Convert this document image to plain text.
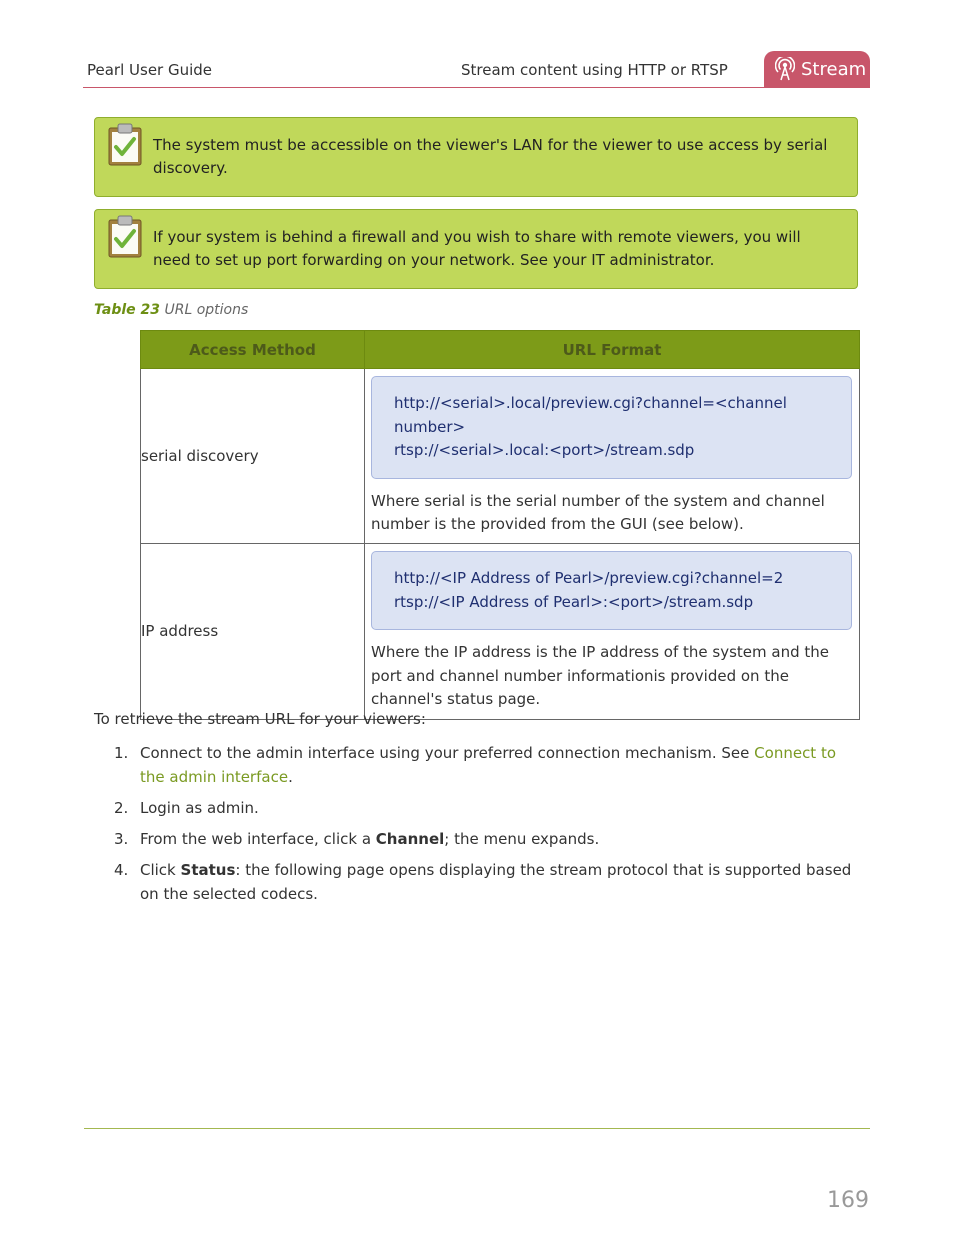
Pearl User Guide	Stream content using HTTP or RTSP	Stream
The system must be accessible on the viewer's LAN for the viewer to use access by serial discovery.
If your system is behind a firewall and you wish to share with remote viewers, you will need to set up port forwarding on your network. See your IT administrator.
Table 23 URL options
Access Method	URL Format
serial discovery	http://<serial>.local/preview.cgi?channel=<channel number>
rtsp://<serial>.local:<port>/stream.sdp
Where serial is the serial number of the system and channel number is the provided from the GUI (see below).

IP address	http://<IP Address of Pearl>/preview.cgi?channel=2
rtsp://<IP Address of Pearl>:<port>/stream.sdp
Where the IP address is the IP address of the system and the port and channel number informationis provided on the channel's status page.
To retrieve the stream URL for your viewers:
1. Connect to the admin interface using your preferred connection mechanism. See Connect to the admin interface.
2. Login as admin.
3. From the web interface, click a Channel; the menu expands.
4. Click Status: the following page opens displaying the stream protocol that is supported based on the selected codecs.
169
